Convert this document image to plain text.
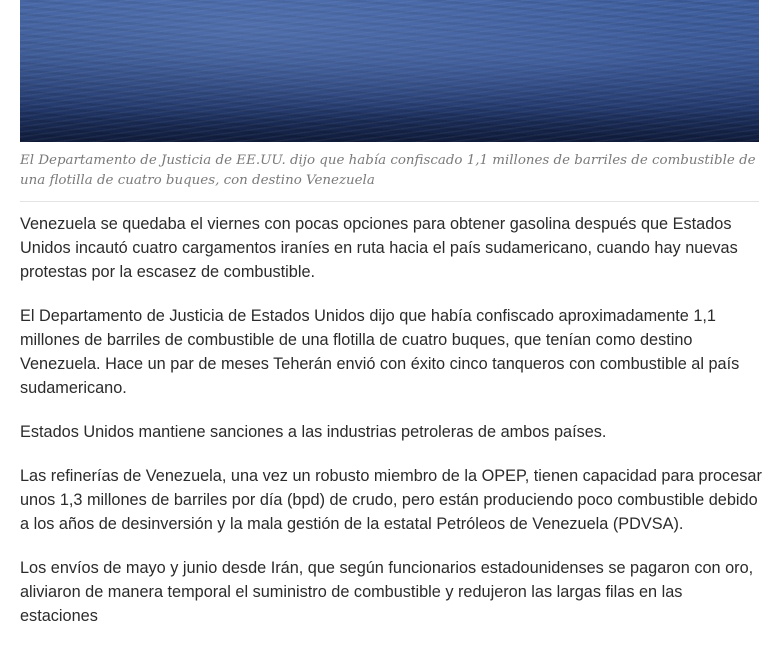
El Departamento de Justicia de EE.UU. dijo que había confiscado 1,1 millones de barriles de combustible de una flotilla de cuatro buques, con destino Venezuela

Venezuela se quedaba el viernes con pocas opciones para obtener gasolina después que Estados Unidos incautó cuatro cargamentos iraníes en ruta hacia el país sudamericano, cuando hay nuevas protestas por la escasez de combustible.

El Departamento de Justicia de Estados Unidos dijo que había confiscado aproximadamente 1,1 millones de barriles de combustible de una flotilla de cuatro buques, que tenían como destino Venezuela. Hace un par de meses Teherán envió con éxito cinco tanqueros con combustible al país sudamericano.

Estados Unidos mantiene sanciones a las industrias petroleras de ambos países.

Las refinerías de Venezuela, una vez un robusto miembro de la OPEP, tienen capacidad para procesar unos 1,3 millones de barriles por día (bpd) de crudo, pero están produciendo poco combustible debido a los años de desinversión y la mala gestión de la estatal Petróleos de Venezuela (PDVSA).

Los envíos de mayo y junio desde Irán, que según funcionarios estadounidenses se pagaron con oro, aliviaron de manera temporal el suministro de combustible y redujeron las largas filas en las estaciones
